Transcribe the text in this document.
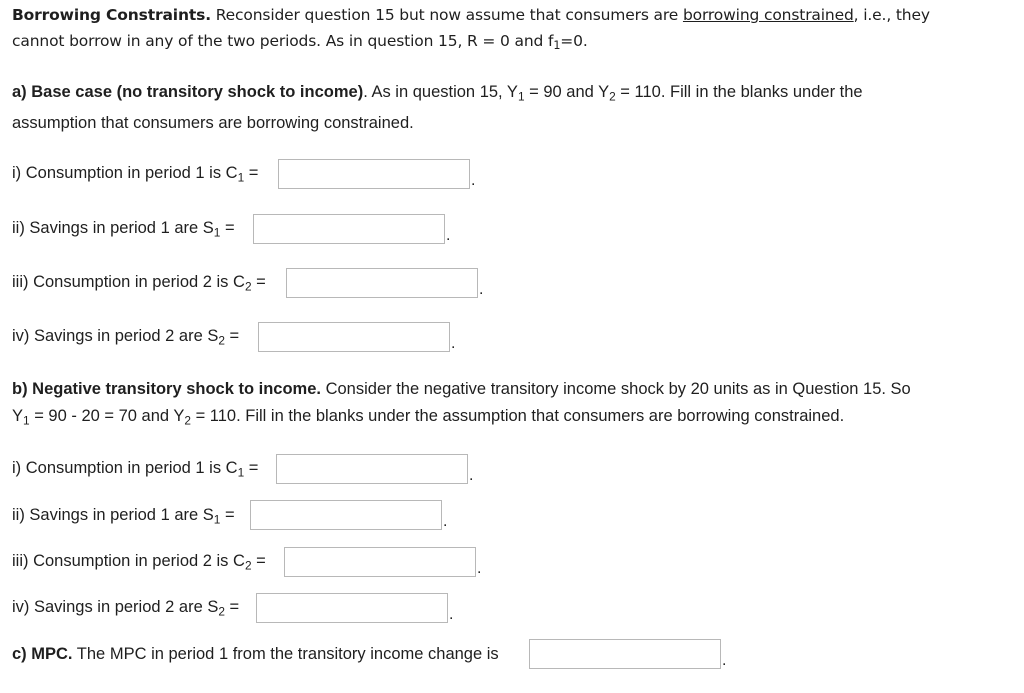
Borrowing Constraints. Reconsider question 15 but now assume that consumers are borrowing constrained, i.e., they
cannot borrow in any of the two periods. As in question 15, R = 0 and $f_1=0$.
a) Base case (no transitory shock to income). As in question 15, $Y_1 = 90$ and $Y_2 = 110$. Fill in the blanks under the
assumption that consumers are borrowing constrained.
i) Consumption in period 1 is $C_1$ =	.
ii) Savings in period 1 are $S_1$ =	.
iii) Consumption in period 2 is $C_2$ =	.
iv) Savings in period 2 are $S_2$ =	.
b) Negative transitory shock to income. Consider the negative transitory income shock by 20 units as in Question 15. So
$Y_1 = 90 - 20 = 70$ and $Y_2 = 110$. Fill in the blanks under the assumption that consumers are borrowing constrained.
i) Consumption in period 1 is $C_1$ =	.
ii) Savings in period 1 are $S_1$ =	.
iii) Consumption in period 2 is $C_2$ =	.
iv) Savings in period 2 are $S_2$ =	.
c) MPC. The MPC in period 1 from the transitory income change is	.
